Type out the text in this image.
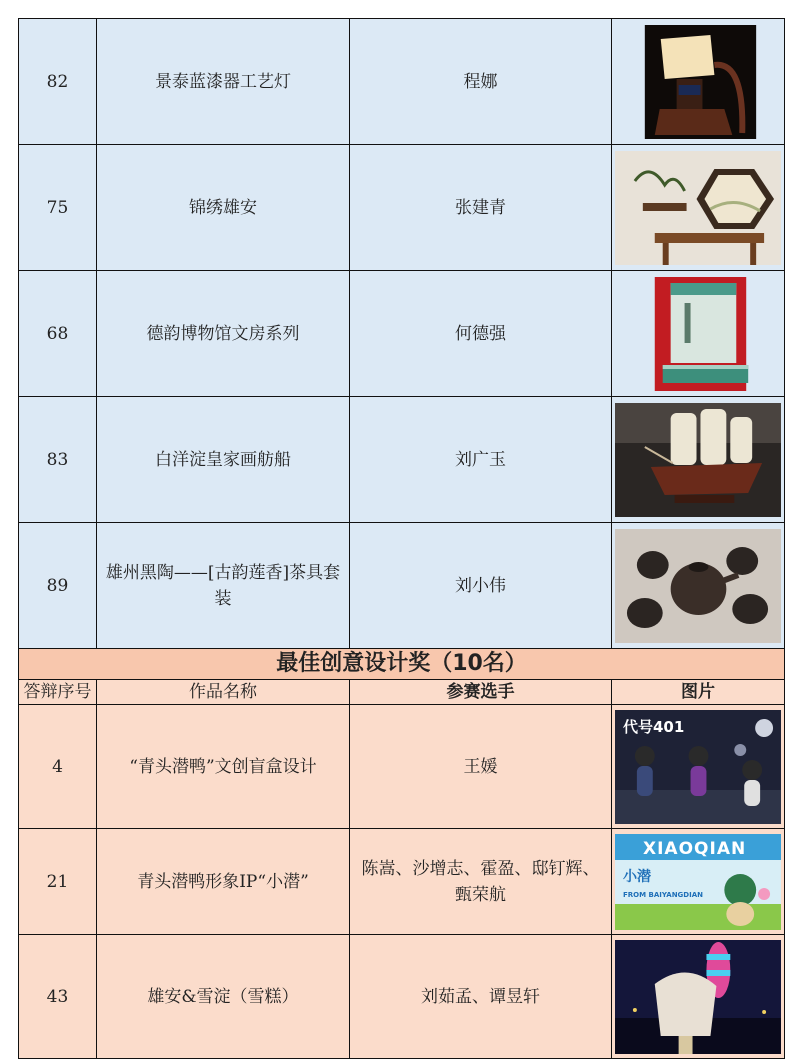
82	景泰蓝漆器工艺灯	程娜	

75	锦绣雄安	张建青	

68	德韵博物馆文房系列	何德强	

83	白洋淀皇家画舫船	刘广玉	

89	雄州黑陶——[古韵莲香]茶具套装	刘小伟	

最佳创意设计奖（10名）			
答辩序号	作品名称	参赛选手	图片
4	“青头潜鸭”文创盲盒设计	王媛	代号401

21	青头潜鸭形象IP“小潜”	陈嵩、沙增志、霍盈、邸钉辉、甄荣航	XIAOQIAN
小潜
FROM BAIYANGDIAN

43	雄安&雪淀（雪糕）	刘茹孟、谭昱轩	
